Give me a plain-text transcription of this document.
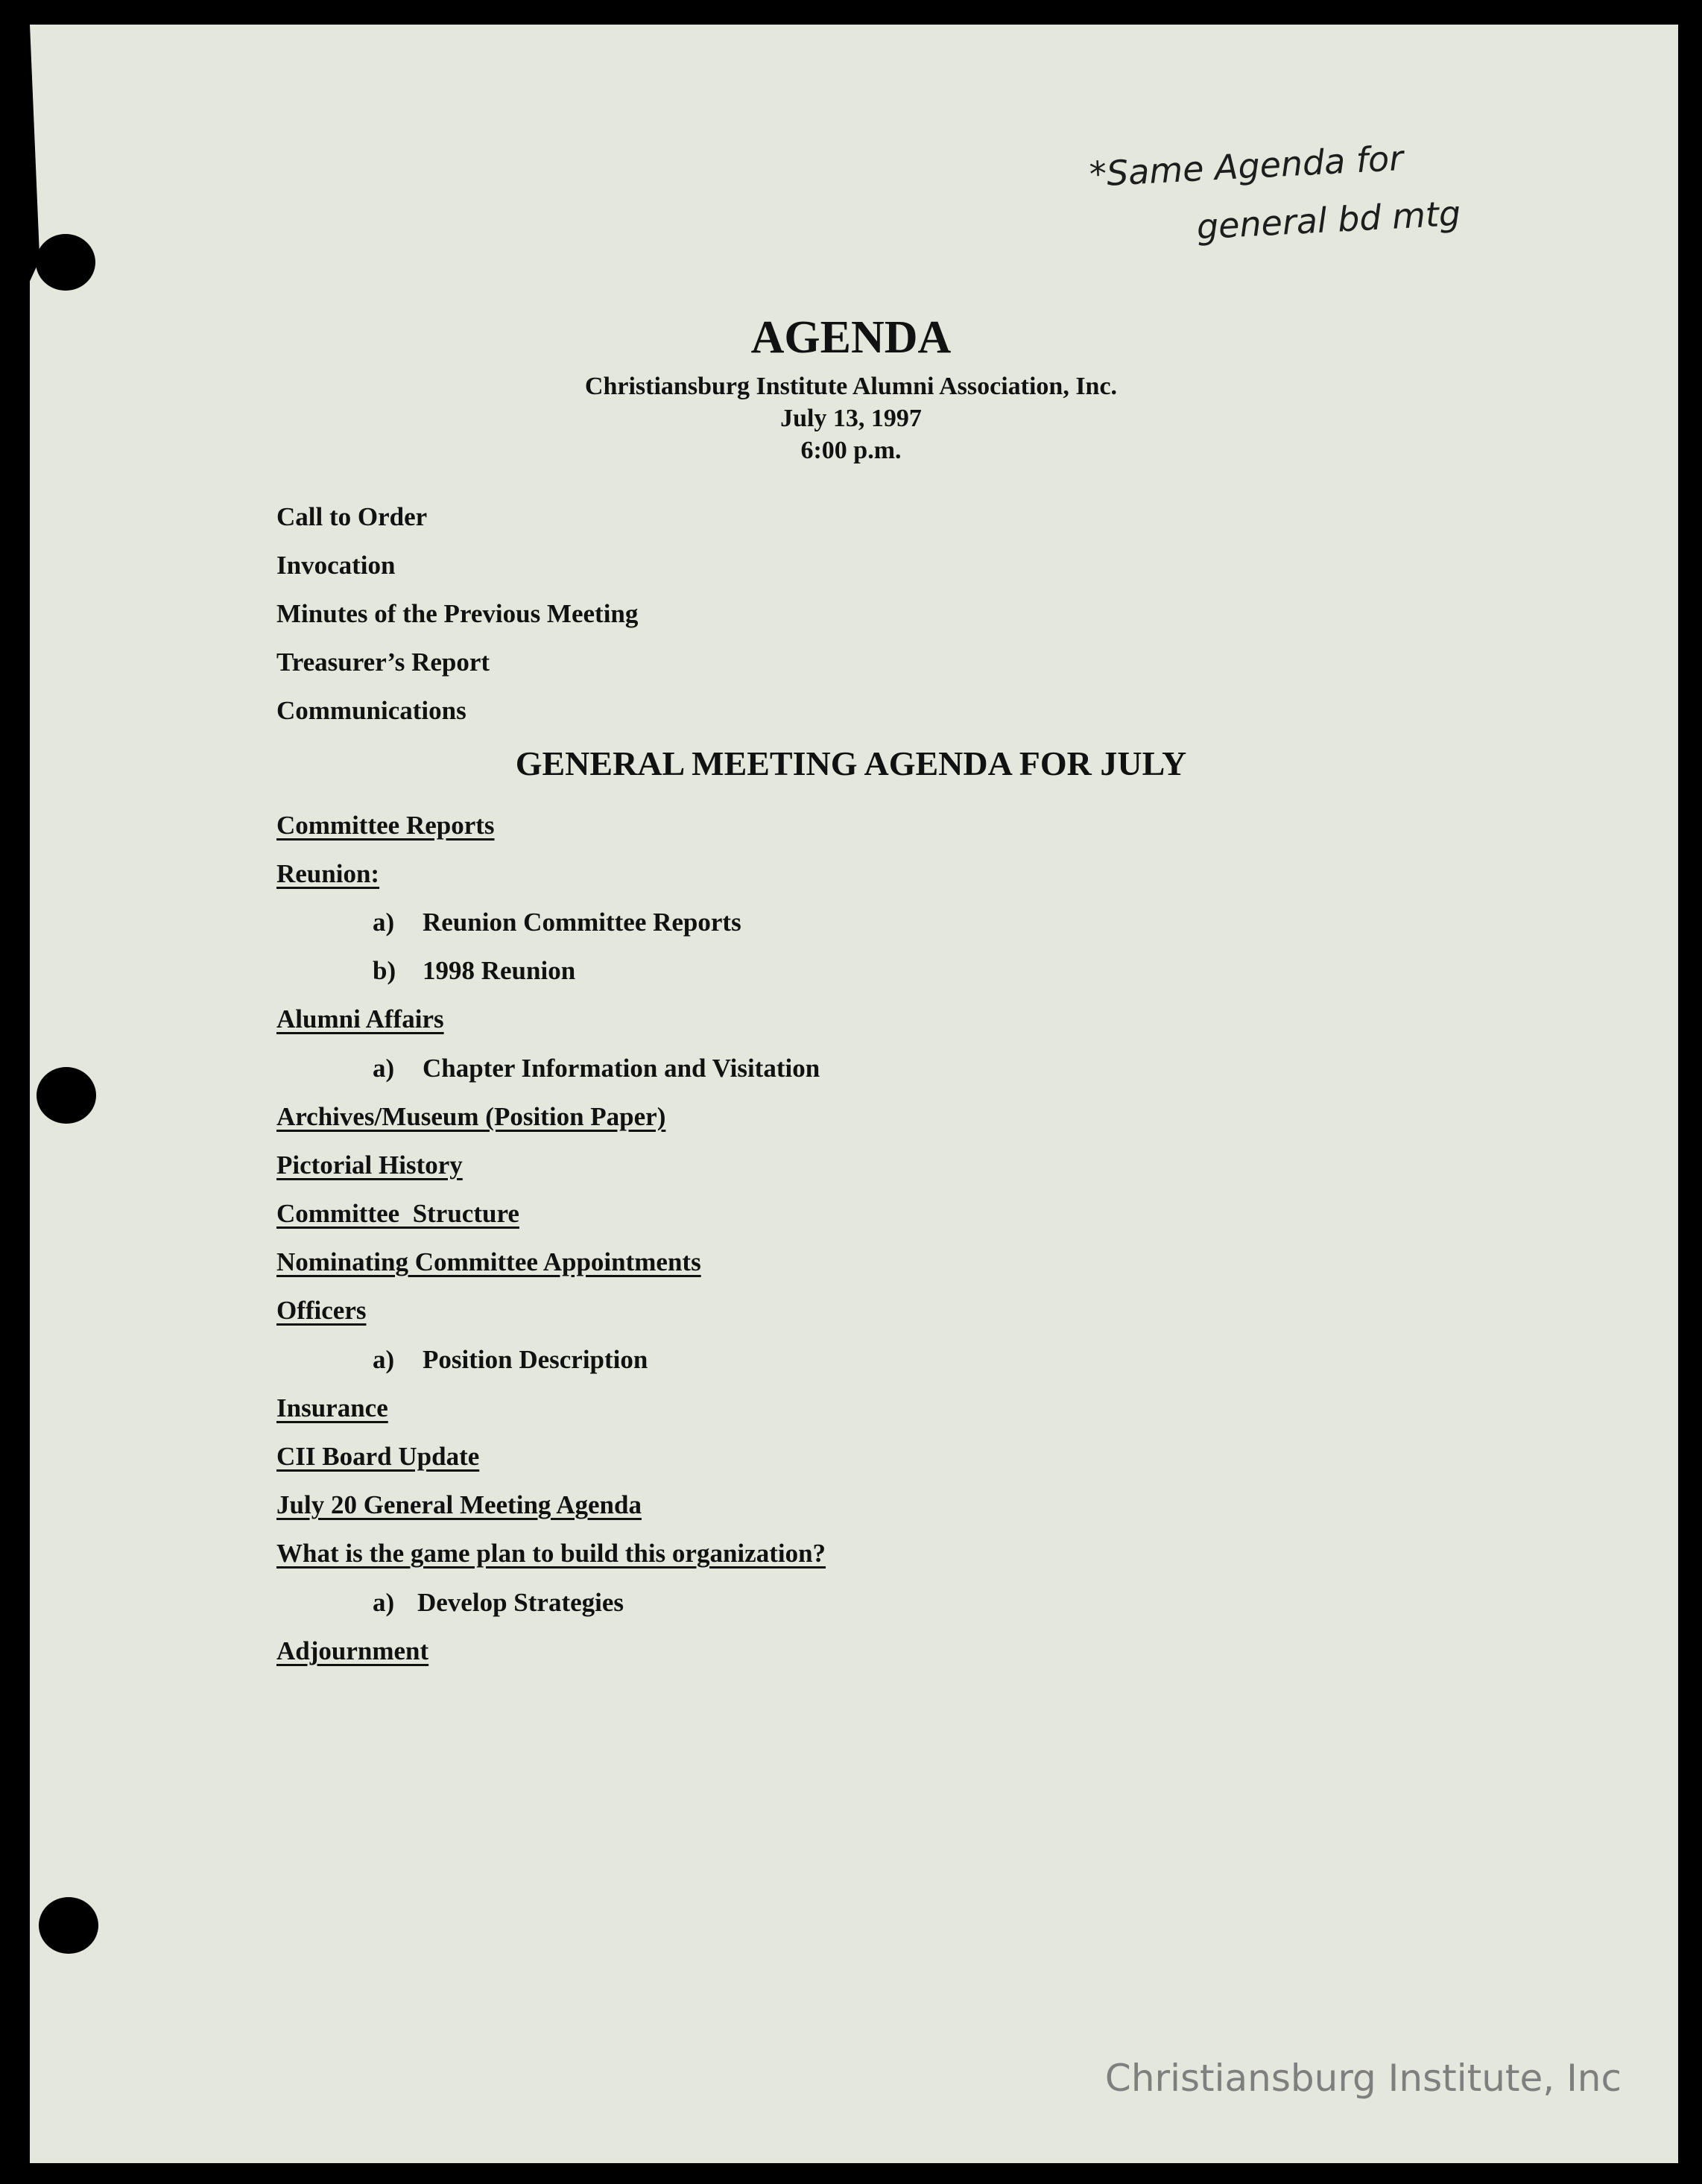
*Same Agenda for
general bd mtg
AGENDA
Christiansburg Institute Alumni Association, Inc.
July 13, 1997
6:00 p.m.
Call to Order
Invocation
Minutes of the Previous Meeting
Treasurer’s Report
Communications
GENERAL MEETING AGENDA FOR JULY
Committee Reports
Reunion:
a) Reunion Committee Reports
b) 1998 Reunion
Alumni Affairs
a) Chapter Information and Visitation
Archives/Museum (Position Paper)
Pictorial History
Committee  Structure
Nominating Committee Appointments
Officers
a) Position Description
Insurance
CII Board Update
July 20 General Meeting Agenda
What is the game plan to build this organization?
a) Develop Strategies
Adjournment
Christiansburg Institute, Inc
